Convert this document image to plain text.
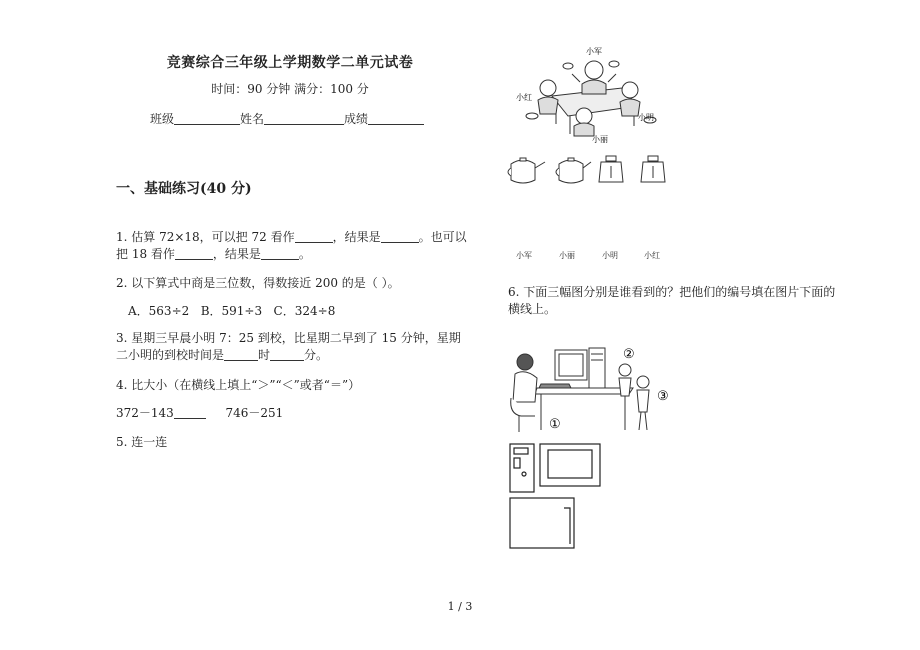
竞赛综合三年级上学期数学二单元试卷
时间：90 分钟 满分：100 分
班级	姓名	成绩
一、基础练习(40 分)
1. 估算 72×18，可以把 72 看作	，结果是	。也可以
把 18 看作	，结果是	。
2. 以下算式中商是三位数，得数接近 200 的是（ ）。
A．563÷2   B．591÷3   C．324÷8
3. 星期三早晨小明 7：25 到校，比星期二早到了 15 分钟，星期
二小明的到校时间是	时	分。
4. 比大小（在横线上填上“＞”“＜”或者“＝”）
372－143	746－251
5. 连一连
小军
小红
小明
小丽
小军	小丽	小明	小红
6. 下面三幅图分别是谁看到的？把他们的编号填在图片下面的
横线上。
①
②
③
1 / 3
